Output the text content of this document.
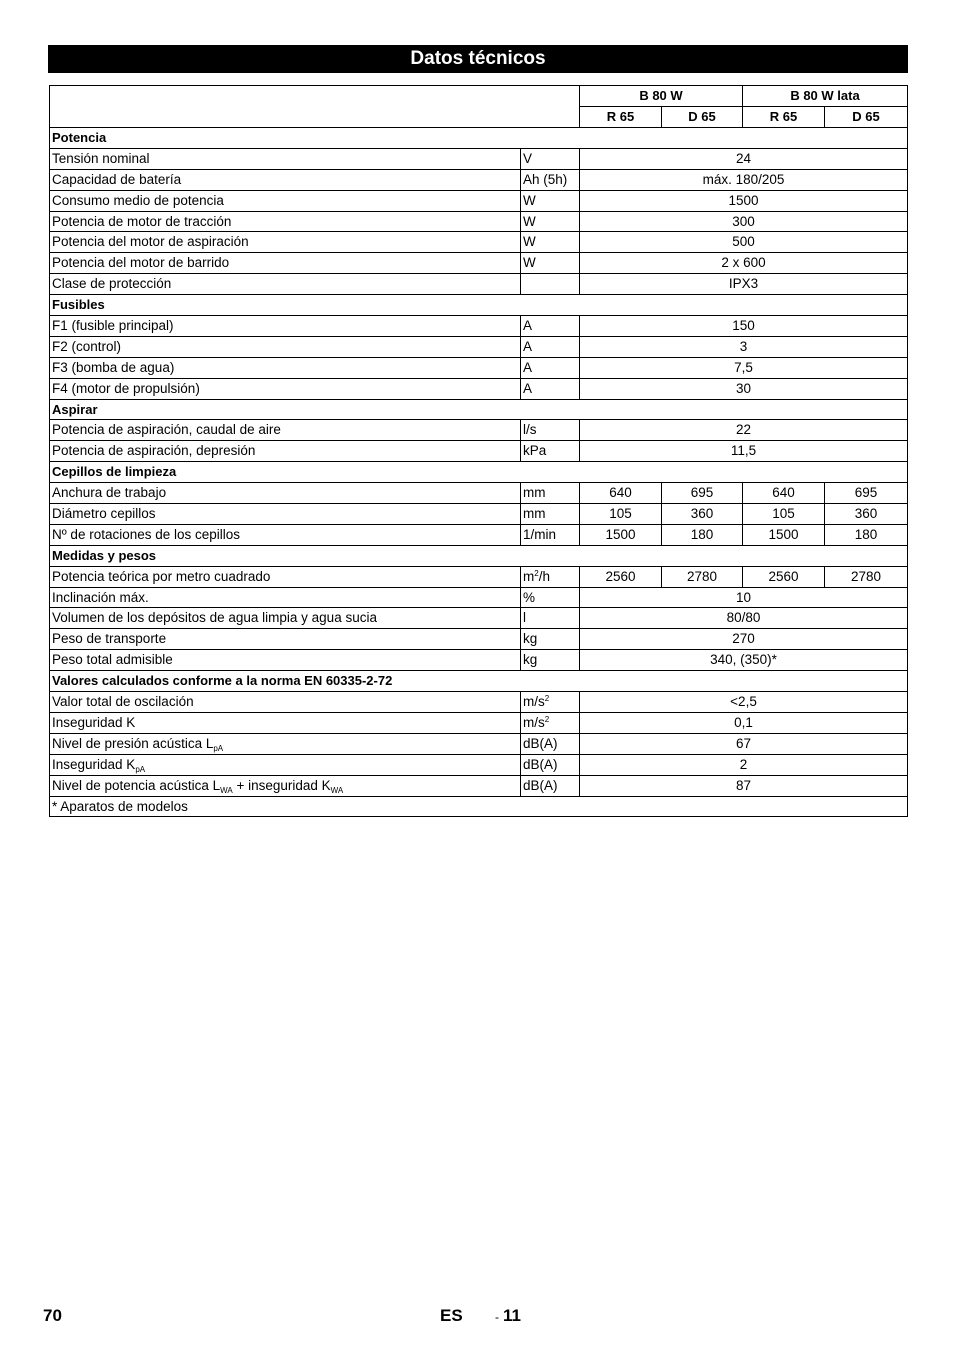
Datos técnicos
		B 80 W		B 80 W lata	
		R 65	D 65	R 65	D 65
Potencia					
Tensión nominal	V	24			
Capacidad de batería	Ah (5h)	máx. 180/205			
Consumo medio de potencia	W	1500			
Potencia de motor de tracción	W	300			
Potencia del motor de aspiración	W	500			
Potencia del motor de barrido	W	2 x 600			
Clase de protección		IPX3			
Fusibles					
F1 (fusible principal)	A	150			
F2 (control)	A	3			
F3 (bomba de agua)	A	7,5			
F4 (motor de propulsión)	A	30			
Aspirar					
Potencia de aspiración, caudal de aire	l/s	22			
Potencia de aspiración, depresión	kPa	11,5			
Cepillos de limpieza					
Anchura de trabajo	mm	640	695	640	695
Diámetro cepillos	mm	105	360	105	360
Nº de rotaciones de los cepillos	1/min	1500	180	1500	180
Medidas y pesos					
Potencia teórica por metro cuadrado	$m^2/h$	2560	2780	2560	2780
Inclinación máx.	%	10			
Volumen de los depósitos de agua limpia y agua sucia	l	80/80			
Peso de transporte	kg	270			
Peso total admisible	kg	340, (350)*			
Valores calculados conforme a la norma EN 60335-2-72					
Valor total de oscilación	$m/s^2$	<2,5			
Inseguridad K	$m/s^2$	0,1			
Nivel de presión acústica $L_{pA}$	dB(A)	67			
Inseguridad $K_{pA}$	dB(A)	2			
Nivel de potencia acústica $L_{WA}$ + inseguridad $K_{WA}$	dB(A)	87			
* Aparatos de modelos					
70	ES	- 11
